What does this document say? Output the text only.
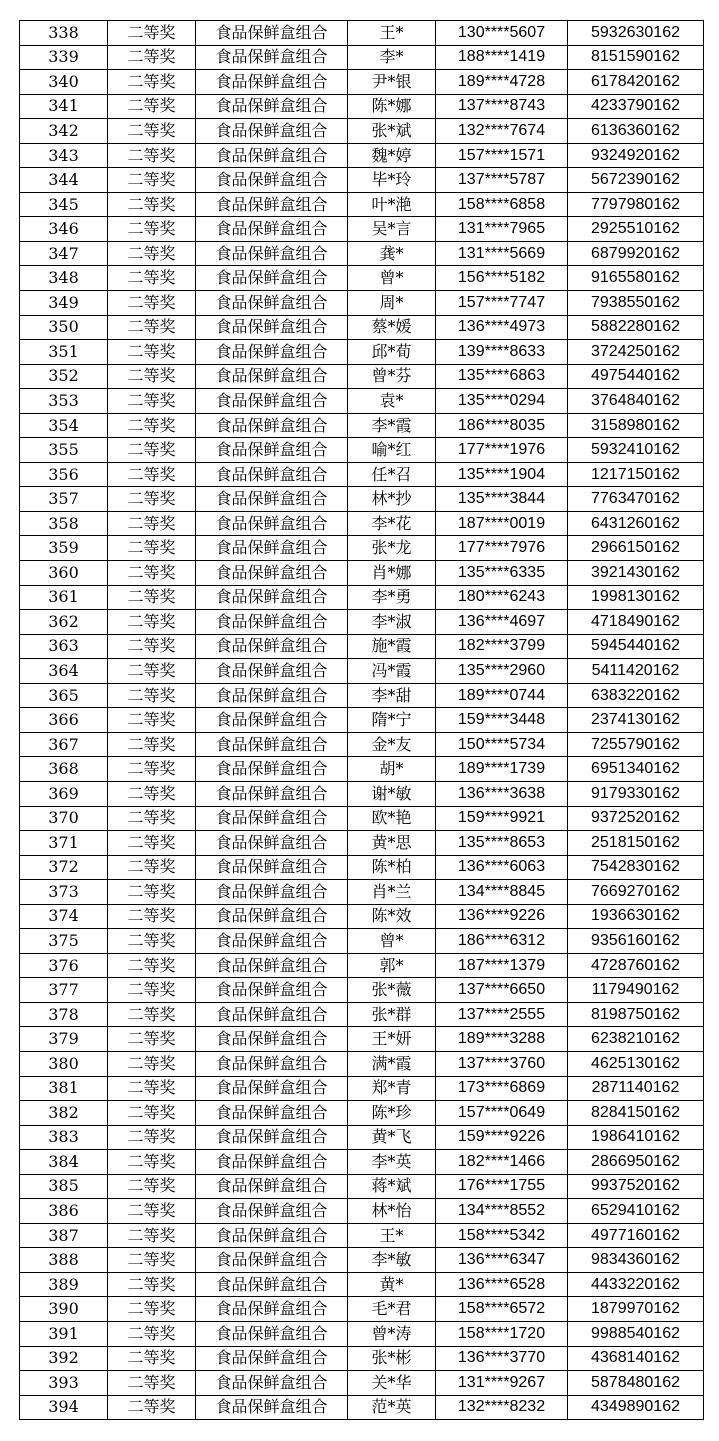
338	二等奖	食品保鲜盒组合	王*	130****5607	5932630162
339	二等奖	食品保鲜盒组合	李*	188****1419	8151590162
340	二等奖	食品保鲜盒组合	尹*银	189****4728	6178420162
341	二等奖	食品保鲜盒组合	陈*娜	137****8743	4233790162
342	二等奖	食品保鲜盒组合	张*斌	132****7674	6136360162
343	二等奖	食品保鲜盒组合	魏*婷	157****1571	9324920162
344	二等奖	食品保鲜盒组合	毕*玲	137****5787	5672390162
345	二等奖	食品保鲜盒组合	叶*滟	158****6858	7797980162
346	二等奖	食品保鲜盒组合	吴*言	131****7965	2925510162
347	二等奖	食品保鲜盒组合	龚*	131****5669	6879920162
348	二等奖	食品保鲜盒组合	曾*	156****5182	9165580162
349	二等奖	食品保鲜盒组合	周*	157****7747	7938550162
350	二等奖	食品保鲜盒组合	蔡*媛	136****4973	5882280162
351	二等奖	食品保鲜盒组合	邱*荀	139****8633	3724250162
352	二等奖	食品保鲜盒组合	曾*芬	135****6863	4975440162
353	二等奖	食品保鲜盒组合	袁*	135****0294	3764840162
354	二等奖	食品保鲜盒组合	李*霞	186****8035	3158980162
355	二等奖	食品保鲜盒组合	喻*红	177****1976	5932410162
356	二等奖	食品保鲜盒组合	任*召	135****1904	1217150162
357	二等奖	食品保鲜盒组合	林*抄	135****3844	7763470162
358	二等奖	食品保鲜盒组合	李*花	187****0019	6431260162
359	二等奖	食品保鲜盒组合	张*龙	177****7976	2966150162
360	二等奖	食品保鲜盒组合	肖*娜	135****6335	3921430162
361	二等奖	食品保鲜盒组合	李*勇	180****6243	1998130162
362	二等奖	食品保鲜盒组合	李*淑	136****4697	4718490162
363	二等奖	食品保鲜盒组合	施*霞	182****3799	5945440162
364	二等奖	食品保鲜盒组合	冯*霞	135****2960	5411420162
365	二等奖	食品保鲜盒组合	李*甜	189****0744	6383220162
366	二等奖	食品保鲜盒组合	隋*宁	159****3448	2374130162
367	二等奖	食品保鲜盒组合	金*友	150****5734	7255790162
368	二等奖	食品保鲜盒组合	胡*	189****1739	6951340162
369	二等奖	食品保鲜盒组合	谢*敏	136****3638	9179330162
370	二等奖	食品保鲜盒组合	欧*艳	159****9921	9372520162
371	二等奖	食品保鲜盒组合	黄*思	135****8653	2518150162
372	二等奖	食品保鲜盒组合	陈*柏	136****6063	7542830162
373	二等奖	食品保鲜盒组合	肖*兰	134****8845	7669270162
374	二等奖	食品保鲜盒组合	陈*效	136****9226	1936630162
375	二等奖	食品保鲜盒组合	曾*	186****6312	9356160162
376	二等奖	食品保鲜盒组合	郭*	187****1379	4728760162
377	二等奖	食品保鲜盒组合	张*薇	137****6650	1179490162
378	二等奖	食品保鲜盒组合	张*群	137****2555	8198750162
379	二等奖	食品保鲜盒组合	王*妍	189****3288	6238210162
380	二等奖	食品保鲜盒组合	满*霞	137****3760	4625130162
381	二等奖	食品保鲜盒组合	郑*青	173****6869	2871140162
382	二等奖	食品保鲜盒组合	陈*珍	157****0649	8284150162
383	二等奖	食品保鲜盒组合	黄*飞	159****9226	1986410162
384	二等奖	食品保鲜盒组合	李*英	182****1466	2866950162
385	二等奖	食品保鲜盒组合	蒋*斌	176****1755	9937520162
386	二等奖	食品保鲜盒组合	林*怡	134****8552	6529410162
387	二等奖	食品保鲜盒组合	王*	158****5342	4977160162
388	二等奖	食品保鲜盒组合	李*敏	136****6347	9834360162
389	二等奖	食品保鲜盒组合	黄*	136****6528	4433220162
390	二等奖	食品保鲜盒组合	毛*君	158****6572	1879970162
391	二等奖	食品保鲜盒组合	曾*涛	158****1720	9988540162
392	二等奖	食品保鲜盒组合	张*彬	136****3770	4368140162
393	二等奖	食品保鲜盒组合	关*华	131****9267	5878480162
394	二等奖	食品保鲜盒组合	范*英	132****8232	4349890162
